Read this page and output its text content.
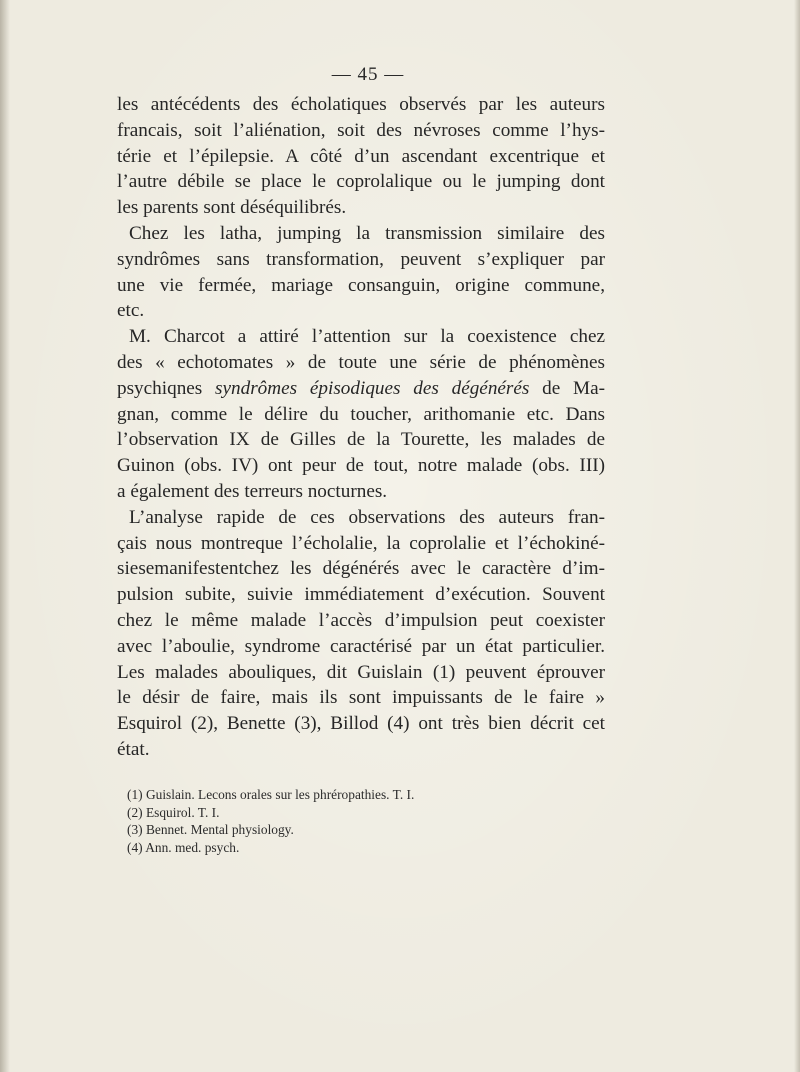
— 45 —
les antécédents des écholatiques observés par les auteurs
francais, soit l’aliénation, soit des névroses comme l’hys-
térie et l’épilepsie. A côté d’un ascendant excentrique et
l’autre débile se place le coprolalique ou le jumping dont
les parents sont déséquilibrés.
Chez les latha, jumping la transmission similaire des
syndrômes sans transformation, peuvent s’expliquer par
une vie fermée, mariage consanguin, origine commune,
etc.
M. Charcot a attiré l’attention sur la coexistence chez
des « echotomates » de toute une série de phénomènes
psychiqnes syndrômes épisodiques des dégénérés de Ma-
gnan, comme le délire du toucher, arithomanie etc. Dans
l’observation IX de Gilles de la Tourette, les malades de
Guinon (obs. IV) ont peur de tout, notre malade (obs. III)
a également des terreurs nocturnes.
L’analyse rapide de ces observations des auteurs fran-
çais nous montreque l’écholalie, la coprolalie et l’échokiné-
siesemanifestentchez les dégénérés avec le caractère d’im-
pulsion subite, suivie immédiatement d’exécution. Souvent
chez le même malade l’accès d’impulsion peut coexister
avec l’aboulie, syndrome caractérisé par un état particulier.
Les malades abouliques, dit Guislain (1) peuvent éprouver
le désir de faire, mais ils sont impuissants de le faire »
Esquirol (2), Benette (3), Billod (4) ont très bien décrit cet
état.
(1) Guislain. Lecons orales sur les phréropathies. T. I.
(2) Esquirol. T. I.
(3) Bennet. Mental physiology.
(4) Ann. med. psych.
